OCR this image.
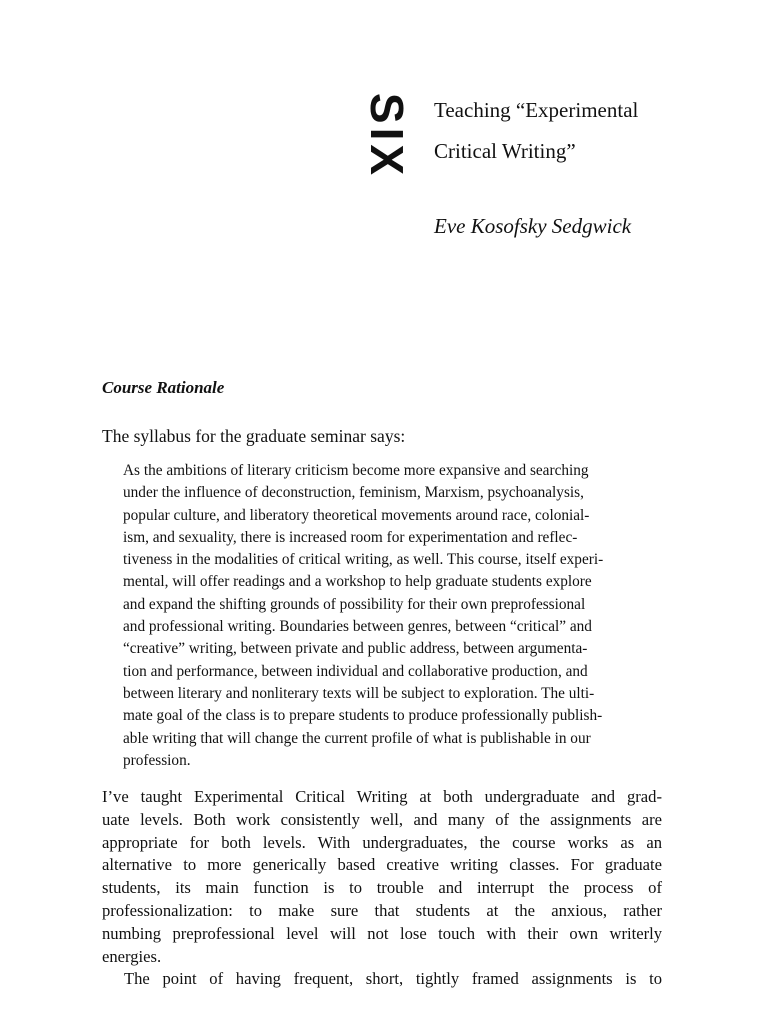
SIX Teaching “Experimental
Critical Writing”

Eve Kosofsky Sedgwick

Course Rationale

The syllabus for the graduate seminar says:

As the ambitions of literary criticism become more expansive and searching
under the influence of deconstruction, feminism, Marxism, psychoanalysis,
popular culture, and liberatory theoretical movements around race, colonial-
ism, and sexuality, there is increased room for experimentation and reflec-
tiveness in the modalities of critical writing, as well. This course, itself experi-
mental, will offer readings and a workshop to help graduate students explore
and expand the shifting grounds of possibility for their own preprofessional
and professional writing. Boundaries between genres, between “critical” and
“creative” writing, between private and public address, between argumenta-
tion and performance, between individual and collaborative production, and
between literary and nonliterary texts will be subject to exploration. The ulti-
mate goal of the class is to prepare students to produce professionally publish-
able writing that will change the current profile of what is publishable in our
profession.
I’ve taught Experimental Critical Writing at both undergraduate and grad-
uate levels. Both work consistently well, and many of the assignments are
appropriate for both levels. With undergraduates, the course works as an
alternative to more generically based creative writing classes. For graduate
students, its main function is to trouble and interrupt the process of
professionalization: to make sure that students at the anxious, rather
numbing preprofessional level will not lose touch with their own writerly
energies.
The point of having frequent, short, tightly framed assignments is to
